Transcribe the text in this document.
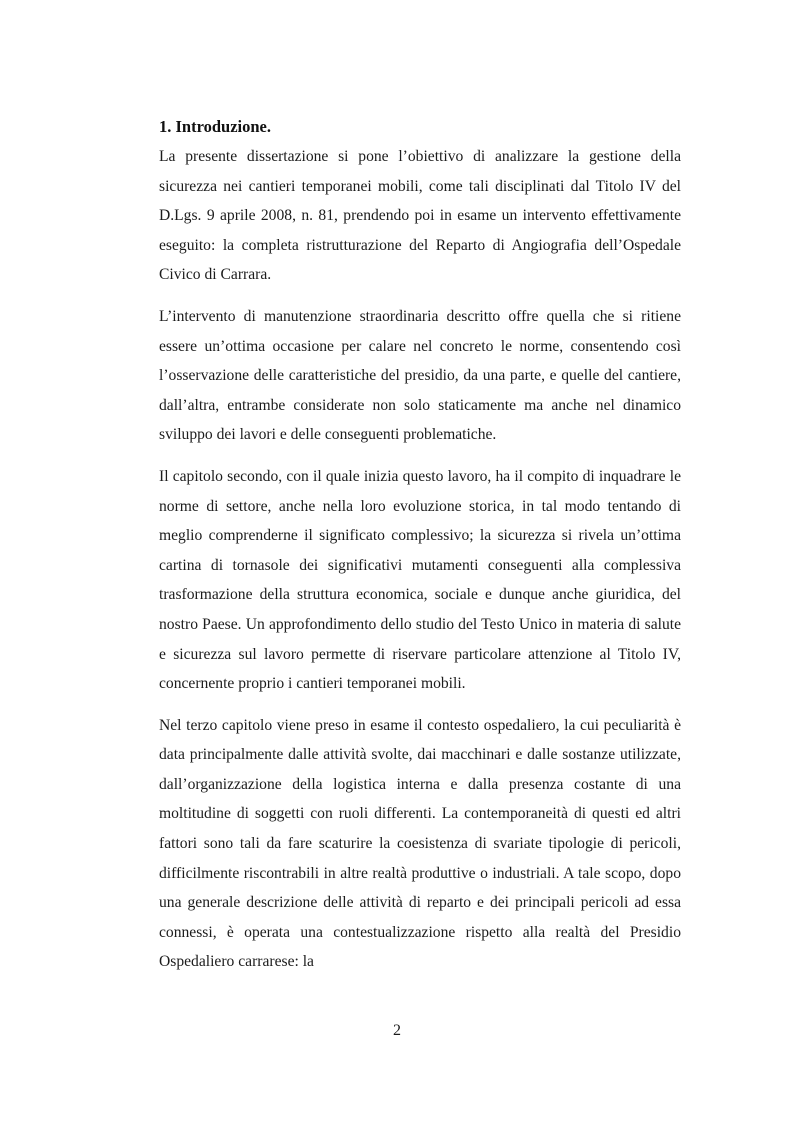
1. Introduzione.

La presente dissertazione si pone l’obiettivo di analizzare la gestione della sicurezza nei cantieri temporanei mobili, come tali disciplinati dal Titolo IV del D.Lgs. 9 aprile 2008, n. 81, prendendo poi in esame un intervento effettivamente eseguito: la completa ristrutturazione del Reparto di Angiografia dell’Ospedale Civico di Carrara.

L’intervento di manutenzione straordinaria descritto offre quella che si ritiene essere un’ottima occasione per calare nel concreto le norme, consentendo così l’osservazione delle caratteristiche del presidio, da una parte, e quelle del cantiere, dall’altra, entrambe considerate non solo staticamente ma anche nel dinamico sviluppo dei lavori e delle conseguenti problematiche.

Il capitolo secondo, con il quale inizia questo lavoro, ha il compito di inquadrare le norme di settore, anche nella loro evoluzione storica, in tal modo tentando di meglio comprenderne il significato complessivo; la sicurezza si rivela un’ottima cartina di tornasole dei significativi mutamenti conseguenti alla complessiva trasformazione della struttura economica, sociale e dunque anche giuridica, del nostro Paese. Un approfondimento dello studio del Testo Unico in materia di salute e sicurezza sul lavoro permette di riservare particolare attenzione al Titolo IV, concernente proprio i cantieri temporanei mobili.

Nel terzo capitolo viene preso in esame il contesto ospedaliero, la cui peculiarità è data principalmente dalle attività svolte, dai macchinari e dalle sostanze utilizzate, dall’organizzazione della logistica interna e dalla presenza costante di una moltitudine di soggetti con ruoli differenti. La contemporaneità di questi ed altri fattori sono tali da fare scaturire la coesistenza di svariate tipologie di pericoli, difficilmente riscontrabili in altre realtà produttive o industriali. A tale scopo, dopo una generale descrizione delle attività di reparto e dei principali pericoli ad essa connessi, è operata una contestualizzazione rispetto alla realtà del Presidio Ospedaliero carrarese: la

2
